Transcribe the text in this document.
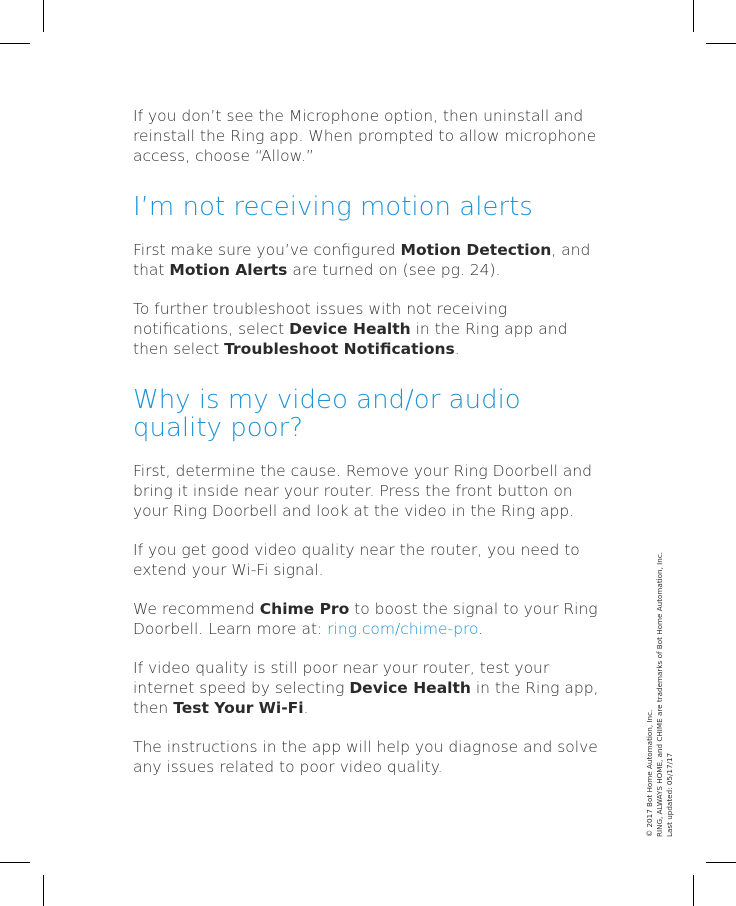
If you don’t see the Microphone option, then uninstall and reinstall the Ring app. When prompted to allow microphone access, choose “Allow.”

I’m not receiving motion alerts

First make sure you’ve configured Motion Detection, and that Motion Alerts are turned on (see pg. 24).

To further troubleshoot issues with not receiving notifications, select Device Health in the Ring app and then select Troubleshoot Notifications.

Why is my video and/or audio quality poor?

First, determine the cause. Remove your Ring Doorbell and bring it inside near your router. Press the front button on your Ring Doorbell and look at the video in the Ring app.

If you get good video quality near the router, you need to extend your Wi-Fi signal.

We recommend Chime Pro to boost the signal to your Ring Doorbell. Learn more at: ring.com/chime-pro.

If video quality is still poor near your router, test your internet speed by selecting Device Health in the Ring app, then Test Your Wi-Fi.

The instructions in the app will help you diagnose and solve any issues related to poor video quality.	© 2017 Bot Home Automation, Inc. RING, ALWAYS HOME, and CHIME are trademarks of Bot Home Automation, Inc. Last updated: 05/17/17
